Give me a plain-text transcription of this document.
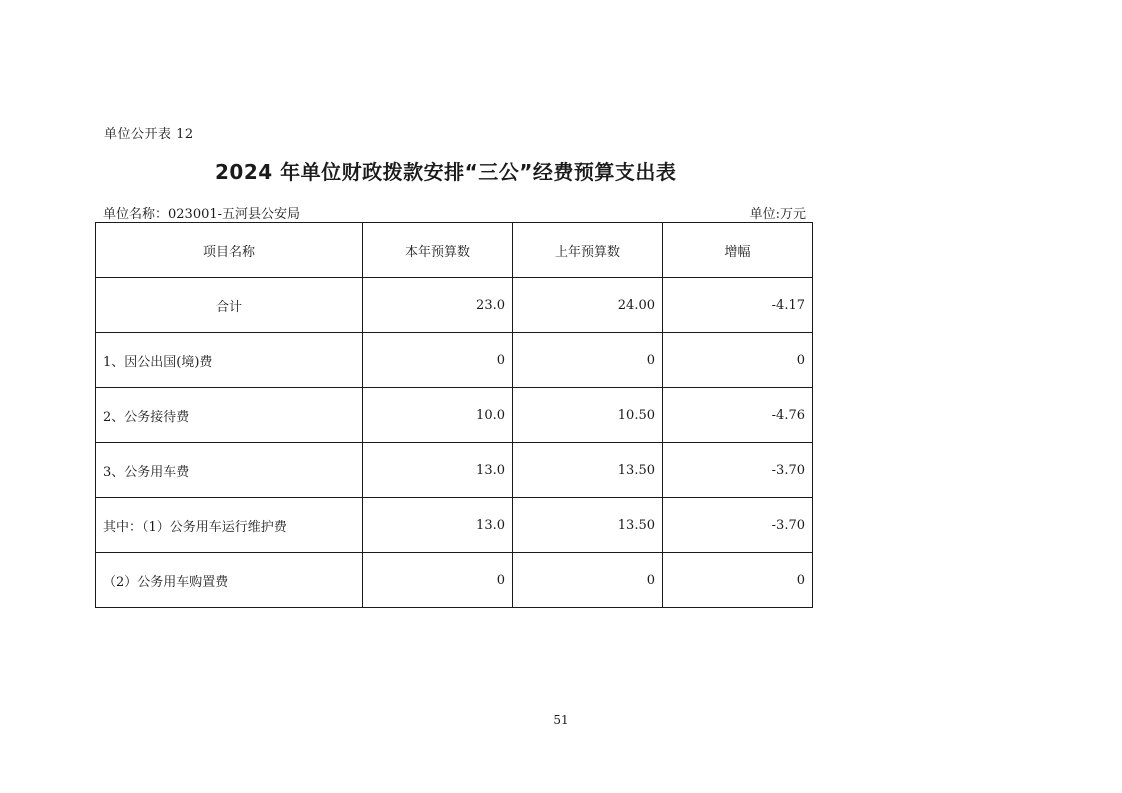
单位公开表 12
2024 年单位财政拨款安排“三公”经费预算支出表
单位名称：023001-五河县公安局	单位:万元
项目名称	本年预算数	上年预算数	增幅
合计	23.0	24.00	-4.17
1、因公出国(境)费	0	0	0
2、公务接待费	10.0	10.50	-4.76
3、公务用车费	13.0	13.50	-3.70
其中：（1）公务用车运行维护费	13.0	13.50	-3.70
（2）公务用车购置费	0	0	0
51
